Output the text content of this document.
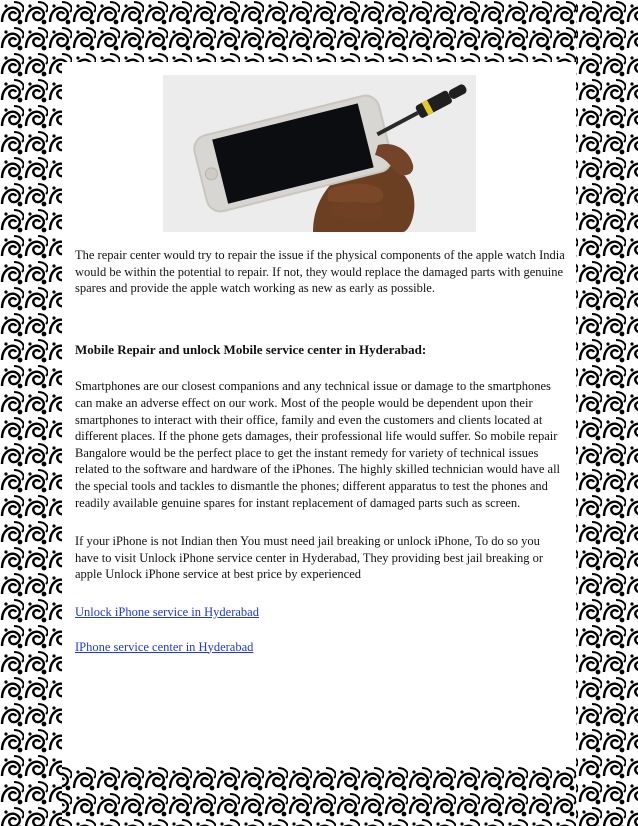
The repair center would try to repair the issue if the physical components of the apple watch India would be within the potential to repair. If not, they would replace the damaged parts with genuine spares and provide the apple watch working as new as early as possible.

Mobile Repair and unlock Mobile service center in Hyderabad:

Smartphones are our closest companions and any technical issue or damage to the smartphones can make an adverse effect on our work. Most of the people would be dependent upon their smartphones to interact with their office, family and even the customers and clients located at different places. If the phone gets damages, their professional life would suffer. So mobile repair Bangalore would be the perfect place to get the instant remedy for variety of technical issues related to the software and hardware of the iPhones. The highly skilled technician would have all the special tools and tackles to dismantle the phones; different apparatus to test the phones and readily available genuine spares for instant replacement of damaged parts such as screen.

If your iPhone is not Indian then You must need jail breaking or unlock iPhone, To do so you have to visit Unlock iPhone service center in Hyderabad, They providing best jail breaking or apple Unlock iPhone service at best price by experienced

Unlock iPhone service in Hyderabad

IPhone service center in Hyderabad
